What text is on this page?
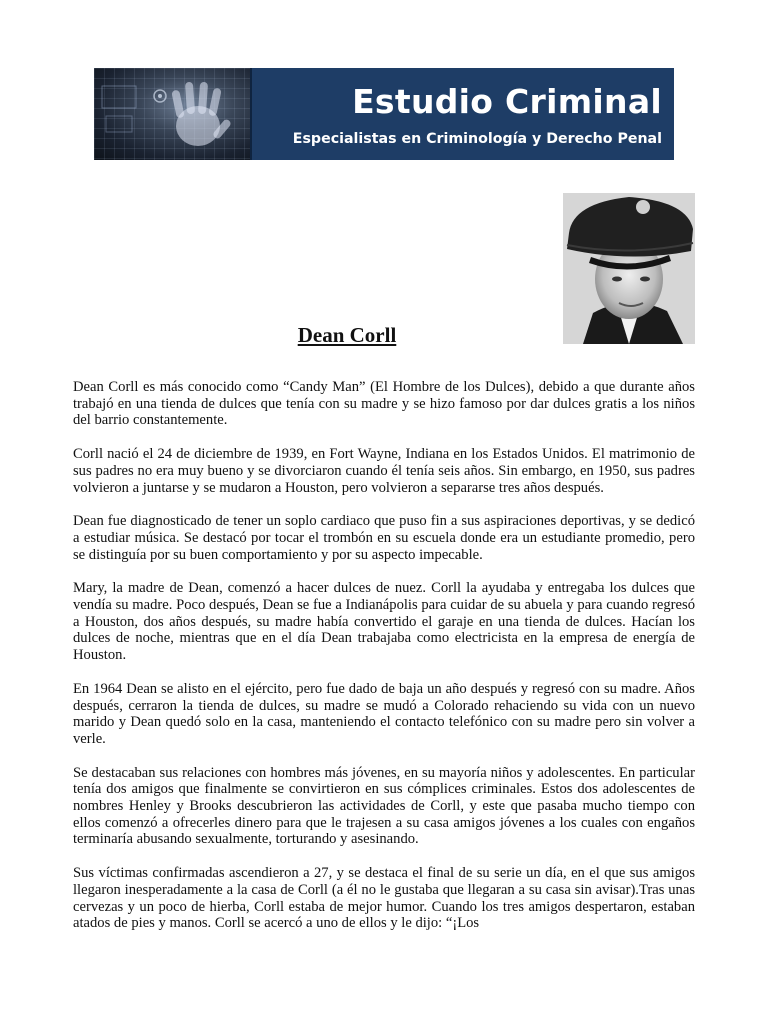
Estudio Criminal
Especialistas en Criminología y Derecho Penal
Dean Corll

Dean Corll es más conocido como “Candy Man” (El Hombre de los Dulces), debido a que durante años trabajó en una tienda de dulces que tenía con su madre y se hizo famoso por dar dulces gratis a los niños del barrio constantemente.

Corll nació el 24 de diciembre de 1939, en Fort Wayne, Indiana en los Estados Unidos. El matrimonio de sus padres no era muy bueno y se divorciaron cuando él tenía seis años. Sin embargo, en 1950, sus padres volvieron a juntarse y se mudaron a Houston, pero volvieron a separarse tres años después.

Dean fue diagnosticado de tener un soplo cardiaco que puso fin a sus aspiraciones deportivas, y se dedicó a estudiar música. Se destacó por tocar el trombón en su escuela donde era un estudiante promedio, pero se distinguía por su buen comportamiento y por su aspecto impecable.

Mary, la madre de Dean, comenzó a hacer dulces de nuez. Corll la ayudaba y entregaba los dulces que vendía su madre. Poco después, Dean se fue a Indianápolis para cuidar de su abuela y para cuando regresó a Houston, dos años después, su madre había convertido el garaje en una tienda de dulces. Hacían los dulces de noche, mientras que en el día Dean trabajaba como electricista en la empresa de energía de Houston.

En 1964 Dean se alisto en el ejército, pero fue dado de baja un año después y regresó con su madre. Años después, cerraron la tienda de dulces, su madre se mudó a Colorado rehaciendo su vida con un nuevo marido y Dean quedó solo en la casa, manteniendo el contacto telefónico con su madre pero sin volver a verle.

Se destacaban sus relaciones con hombres más jóvenes, en su mayoría niños y adolescentes. En particular tenía dos amigos que finalmente se convirtieron en sus cómplices criminales. Estos dos adolescentes de nombres Henley y Brooks descubrieron las actividades de Corll, y este que pasaba mucho tiempo con ellos comenzó a ofrecerles dinero para que le trajesen a su casa amigos jóvenes a los cuales con engaños terminaría abusando sexualmente, torturando y asesinando.

Sus víctimas confirmadas ascendieron a 27, y se destaca el final de su serie un día, en el que sus amigos llegaron inesperadamente a la casa de Corll (a él no le gustaba que llegaran a su casa sin avisar).Tras unas cervezas y un poco de hierba, Corll estaba de mejor humor. Cuando los tres amigos despertaron, estaban atados de pies y manos. Corll se acercó a uno de ellos y le dijo: “¡Los
